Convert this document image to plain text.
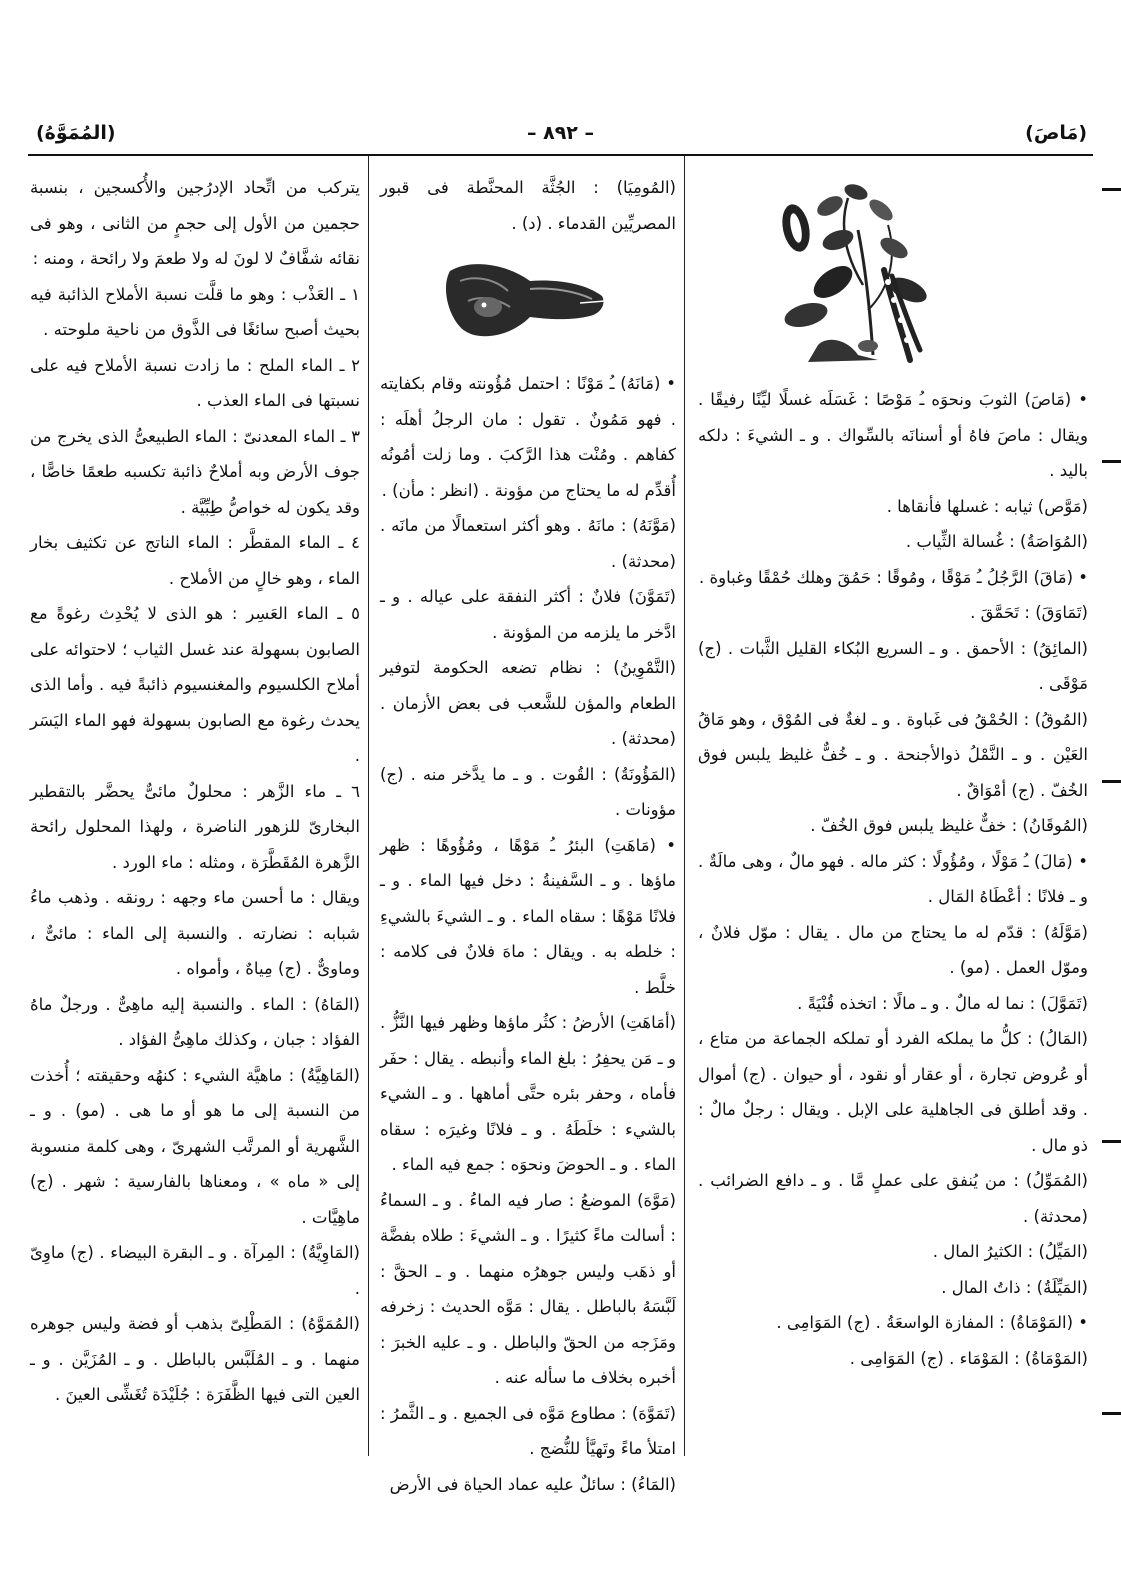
(مَاصَ)
– ٨٩٢ –
(المُمَوَّهُ)

• (مَاصَ) الثوبَ ونحوَه ـُ مَوْصًا : غَسَلَه غسلًا ليِّنًا رفيقًا . ويقال : ماصَ فاهُ أو أسنانَه بالسِّواك . و ـ الشيءَ : دلكه باليد .

(مَوَّص) ثيابه : غسلها فأنقاها .

(المُوَاصَةُ) : غُسالة الثِّياب .

• (مَاقَ) الرَّجُلُ ـُ مَوْقًا ، ومُوقًا : حَمُقَ وهلك حُمْقًا وغباوة .

(تَمَاوَقَ) : تَحَمَّقَ .

(المائِقُ) : الأحمق . و ـ السريع البُكاء القليل الثَّبات . (ج) مَوْقَى .

(المُوقُ) : الحُمْقُ فى غَباوة . و ـ لغةٌ فى المُوْق ، وهو مَاقُ العَيْن . و ـ النَّمْلُ ذوالأجنحة . و ـ خُفٌّ غليظ يلبس فوق الخُفّ . (ج) أمْوَاقٌ .

(المُوقَانُ) : خفٌّ غليظ يلبس فوق الخُفّ .

• (مَالَ) ـُ مَوْلًا ، ومُؤُولًا : كثر ماله . فهو مالٌ ، وهى مالَةٌ . و ـ فلانًا : أعْطَاهُ المَال .

(مَوَّلَهُ) : قدّم له ما يحتاج من مال . يقال : موّل فلانٌ ، وموّل العمل . (مو) .

(تَمَوَّلَ) : نما له مالٌ . و ـ مالًا : اتخذه قُنْيَةً .

(المَالُ) : كلُّ ما يملكه الفرد أو تملكه الجماعة من متاع ، أو عُروض تجارة ، أو عقار أو نقود ، أو حيوان . (ج) أموال . وقد أطلق فى الجاهلية على الإبل . ويقال : رجلٌ مالٌ : ذو مال .

(المُمَوِّلُ) : من يُنفق على عملٍ مَّا . و ـ دافع الضرائب . (محدثة) .

(المَيِّلُ) : الكثيرُ المال .

(المَيِّلَةُ) : ذاتُ المال .

• (المَوْمَاةُ) : المفازة الواسعَةُ . (ج) المَوَامِى .

(المَوْمَاةُ) : المَوْمَاء . (ج) المَوَامِى .

(المُومِيَا) : الجُثَّة المحنَّطة فى قبور المصريِّين القدماء . (د) .

• (مَانَهُ) ـُ مَوْنًا : احتمل مُؤُونته وقام بكفايته . فهو مَمُونٌ . تقول : مان الرجلُ أهلَه : كفاهم . ومُنْت هذا الرَّكبَ . وما زلت أمُونُه أُقدِّم له ما يحتاج من مؤونة . (انظر : مأن) .

(مَوَّنَهُ) : مانَهُ . وهو أكثر استعمالًا من مانَه . (محدثة) .

(تَمَوَّنَ) فلانٌ : أكثر النفقة على عياله . و ـ ادَّخر ما يلزمه من المؤونة .

(التَّمْوِينُ) : نظام تضعه الحكومة لتوفير الطعام والمؤن للشَّعب فى بعض الأزمان . (محدثة) .

(المَؤُونَةُ) : القُوت . و ـ ما يدَّخر منه . (ج) مؤونات .

• (مَاهَتِ) البئرُ ـُ مَوْهًا ، ومُؤُوهًا : ظهر ماؤها . و ـ السَّفينةُ : دخل فيها الماء . و ـ فلانًا مَوْهًا : سقاه الماء . و ـ الشيءَ بالشيءِ : خلطه به . ويقال : ماهَ فلانٌ فى كلامه : خلَّط .

(أمَاهَتِ) الأرضُ : كثُر ماؤها وظهر فيها النَّزُّ . و ـ مَن يحفِرُ : بلغ الماء وأنبطه . يقال : حفَر فأماه ، وحفر بئره حتَّى أماهها . و ـ الشيء بالشيء : خلَطَهُ . و ـ فلانًا وغيرَه : سقاه الماء . و ـ الحوضَ ونحوَه : جمع فيه الماء .

(مَوَّهَ) الموضعُ : صار فيه الماءُ . و ـ السماءُ : أسالت ماءً كثيرًا . و ـ الشيءَ : طلاه بفضَّة أو ذهَب وليس جوهرُه منهما . و ـ الحقَّ : لَبَّسَهُ بالباطل . يقال : مَوَّه الحديث : زخرفه ومَزَجه من الحقّ والباطل . و ـ عليه الخبرَ : أخبره بخلاف ما سأله عنه .

(تَمَوَّهَ) : مطاوع مَوَّه فى الجميع . و ـ الثَّمرُ : امتلأ ماءً وتَهيَّأ للنُّضج .

(المَاءُ) : سائلٌ عليه عماد الحياة فى الأرض

يتركب من اتِّحاد الإدرُجين والأُكسجين ، بنسبة حجمين من الأول إلى حجمٍ من الثانى ، وهو فى نقائه شفَّافٌ لا لونَ له ولا طعمَ ولا رائحة ، ومنه :

١ ـ العَذْب : وهو ما قلَّت نسبة الأملاح الذائبة فيه بحيث أصبح سائغًا فى الذَّوق من ناحية ملوحته .

٢ ـ الماء الملح : ما زادت نسبة الأملاح فيه على نسبتها فى الماء العذب .

٣ ـ الماء المعدنىّ : الماء الطبيعىُّ الذى يخرج من جوف الأرض وبه أملاحٌ ذائبة تكسبه طعمًا خاصًّا ، وقد يكون له خواصُّ طِبِّيَّة .

٤ ـ الماء المقطَّر : الماء الناتج عن تكثيف بخار الماء ، وهو خالٍ من الأملاح .

٥ ـ الماء العَسِر : هو الذى لا يُحْدِث رغوةً مع الصابون بسهولة عند غسل الثياب ؛ لاحتوائه على أملاح الكلسيوم والمغنسيوم ذائبةً فيه . وأما الذى يحدث رغوة مع الصابون بسهولة فهو الماء اليَسَر .

٦ ـ ماء الزَّهر : محلولٌ مائىٌّ يحضَّر بالتقطير البخارىّ للزهور الناضرة ، ولهذا المحلول رائحة الزَّهرة المُقَطَّرَة ، ومثله : ماء الورد .

ويقال : ما أحسن ماء وجهه : رونقه . وذهب ماءُ شبابه : نضارته . والنسبة إلى الماء : مائىٌّ ، وماوىٌّ . (ج) مِياهٌ ، وأمواه .

(المَاهُ) : الماء . والنسبة إليه ماهِىٌّ . ورجلٌ ماهُ الفؤاد : جبان ، وكذلك ماهِىُّ الفؤاد .

(المَاهِيَّةُ) : ماهيَّة الشيء : كنهُه وحقيقته ؛ أُخذت من النسبة إلى ما هو أو ما هى . (مو) . و ـ الشَّهرية أو المرتَّب الشهرىّ ، وهى كلمة منسوبة إلى « ماه » ، ومعناها بالفارسية : شهر . (ج) ماهِيَّات .

(المَاوِيَّةُ) : المِرآة . و ـ البقرة البيضاء . (ج) ماوِىّ .

(المُمَوَّهُ) : المَطْلِىّ بذهب أو فضة وليس جوهره منهما . و ـ المُلَبَّس بالباطل . و ـ المُزَيَّن . و ـ العين التى فيها الظَّفَرَة : جُلَيْدَة تُغَشِّى العينَ .
